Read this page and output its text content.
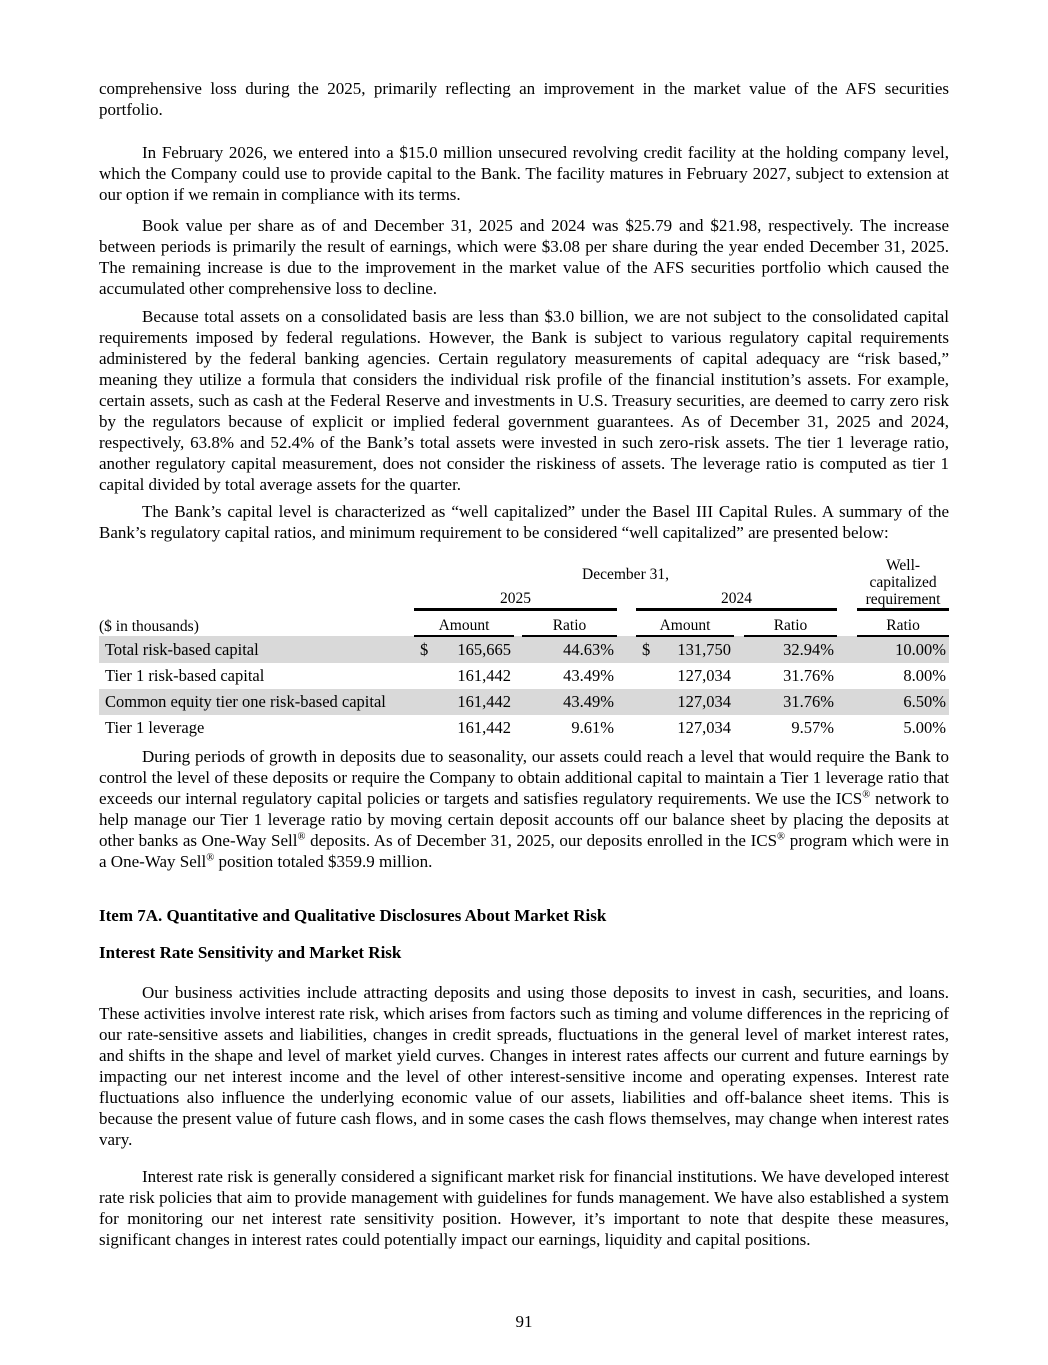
comprehensive loss during the 2025, primarily reflecting an improvement in the market value of the AFS securities portfolio.

In February 2026, we entered into a $15.0 million unsecured revolving credit facility at the holding company level, which the Company could use to provide capital to the Bank. The facility matures in February 2027, subject to extension at our option if we remain in compliance with its terms.

Book value per share as of and December 31, 2025 and 2024 was $25.79 and $21.98, respectively. The increase between periods is primarily the result of earnings, which were $3.08 per share during the year ended December 31, 2025. The remaining increase is due to the improvement in the market value of the AFS securities portfolio which caused the accumulated other comprehensive loss to decline.

Because total assets on a consolidated basis are less than $3.0 billion, we are not subject to the consolidated capital requirements imposed by federal regulations. However, the Bank is subject to various regulatory capital requirements administered by the federal banking agencies. Certain regulatory measurements of capital adequacy are “risk based,” meaning they utilize a formula that considers the individual risk profile of the financial institution’s assets. For example, certain assets, such as cash at the Federal Reserve and investments in U.S. Treasury securities, are deemed to carry zero risk by the regulators because of explicit or implied federal government guarantees. As of December 31, 2025 and 2024, respectively, 63.8% and 52.4% of the Bank’s total assets were invested in such zero-risk assets. The tier 1 leverage ratio, another regulatory capital measurement, does not consider the riskiness of assets. The leverage ratio is computed as tier 1 capital divided by total average assets for the quarter.

The Bank’s capital level is characterized as “well capitalized” under the Basel III Capital Rules. A summary of the Bank’s regulatory capital ratios, and minimum requirement to be considered “well capitalized” are presented below:

	December 31,										Well-
capitalized
requirement

	2025					2024					
($ in thousands)	Amount			Ratio		Amount			Ratio		Ratio
Total risk-based capital	$	165,665		44.63%		$	131,750		32.94%		10.00%
Tier 1 risk-based capital		161,442		43.49%			127,034		31.76%		8.00%
Common equity tier one risk-based capital		161,442		43.49%			127,034		31.76%		6.50%
Tier 1 leverage		161,442		9.61%			127,034		9.57%		5.00%

During periods of growth in deposits due to seasonality, our assets could reach a level that would require the Bank to control the level of these deposits or require the Company to obtain additional capital to maintain a Tier 1 leverage ratio that exceeds our internal regulatory capital policies or targets and satisfies regulatory requirements. We use the ICS® network to help manage our Tier 1 leverage ratio by moving certain deposit accounts off our balance sheet by placing the deposits at other banks as One-Way Sell® deposits. As of December 31, 2025, our deposits enrolled in the ICS® program which were in a One-Way Sell® position totaled $359.9 million.

Item 7A. Quantitative and Qualitative Disclosures About Market Risk
Interest Rate Sensitivity and Market Risk

Our business activities include attracting deposits and using those deposits to invest in cash, securities, and loans. These activities involve interest rate risk, which arises from factors such as timing and volume differences in the repricing of our rate-sensitive assets and liabilities, changes in credit spreads, fluctuations in the general level of market interest rates, and shifts in the shape and level of market yield curves. Changes in interest rates affects our current and future earnings by impacting our net interest income and the level of other interest-sensitive income and operating expenses. Interest rate fluctuations also influence the underlying economic value of our assets, liabilities and off-balance sheet items. This is because the present value of future cash flows, and in some cases the cash flows themselves, may change when interest rates vary.

Interest rate risk is generally considered a significant market risk for financial institutions. We have developed interest rate risk policies that aim to provide management with guidelines for funds management. We have also established a system for monitoring our net interest rate sensitivity position. However, it’s important to note that despite these measures, significant changes in interest rates could potentially impact our earnings, liquidity and capital positions.

91
